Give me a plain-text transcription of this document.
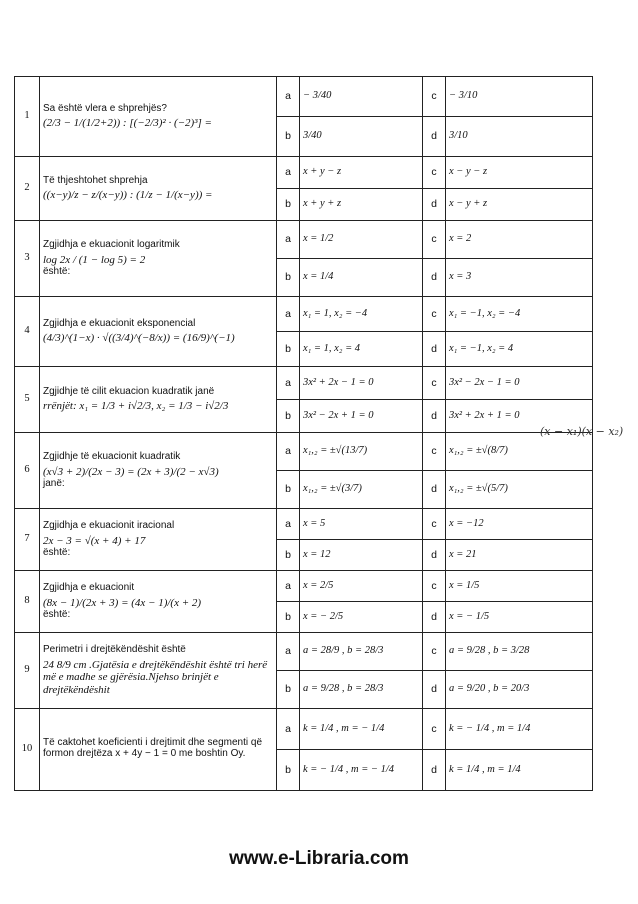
1	Sa është vlera e shprehjës?
(2/3 − 1/(1/2+2)) : [(−2/3)² · (−2)³] =	a	− 3/40	c	− 3/10
		b	3/40	d	3/10
2	Të thjeshtohet shprehja
((x−y)/z − z/(x−y)) : (1/z − 1/(x−y)) =	a	x + y − z	c	x − y − z
		b	x + y + z	d	x − y + z
3	Zgjidhja e ekuacionit logaritmik
log 2x / (1 − log 5) = 2
është:	a	x = 1/2	c	x = 2
		b	x = 1/4	d	x = 3
4	Zgjidhja e ekuacionit eksponencial
(4/3)^(1−x) · √((3/4)^(−8/x)) = (16/9)^(−1)	a	x₁ = 1, x₂ = −4	c	x₁ = −1, x₂ = −4
		b	x₁ = 1, x₂ = 4	d	x₁ = −1, x₂ = 4
5	Zgjidhje të cilit ekuacion kuadratik janë
rrënjët: x₁ = 1/3 + i√2/3, x₂ = 1/3 − i√2/3	a	3x² + 2x − 1 = 0	c	3x² − 2x − 1 = 0
		b	3x² − 2x + 1 = 0	d	3x² + 2x + 1 = 0
6	Zgjidhje të ekuacionit kuadratik
(x√3 + 2)/(2x − 3) = (2x + 3)/(2 − x√3)
janë:	a	x₁,₂ = ±√(13/7)	c	x₁,₂ = ±√(8/7)
		b	x₁,₂ = ±√(3/7)	d	x₁,₂ = ±√(5/7)
7	Zgjidhja e ekuacionit iracional
2x − 3 = √(x + 4) + 17
është:	a	x = 5	c	x = −12
		b	x = 12	d	x = 21
8	Zgjidhja e ekuacionit
(8x − 1)/(2x + 3) = (4x − 1)/(x + 2)
është:	a	x = 2/5	c	x = 1/5
		b	x = − 2/5	d	x = − 1/5
9	Perimetri i drejtëkëndëshit është
24 8/9 cm .Gjatësia e drejtëkëndëshit është tri herë më e madhe se gjërësia.Njehso brinjët e drejtëkëndëshit	a	a = 28/9 , b = 28/3	c	a = 9/28 , b = 3/28
		b	a = 9/28 , b = 28/3	d	a = 9/20 , b = 20/3
10	Të caktohet koeficienti i drejtimit dhe segmenti që formon drejtëza x + 4y − 1 = 0 me boshtin Oy.	a	k = 1/4 , m = − 1/4	c	k = − 1/4 , m = 1/4
		b	k = − 1/4 , m = − 1/4	d	k = 1/4 , m = 1/4
(x − x₁)(x − x₂)
www.e-Libraria.com
